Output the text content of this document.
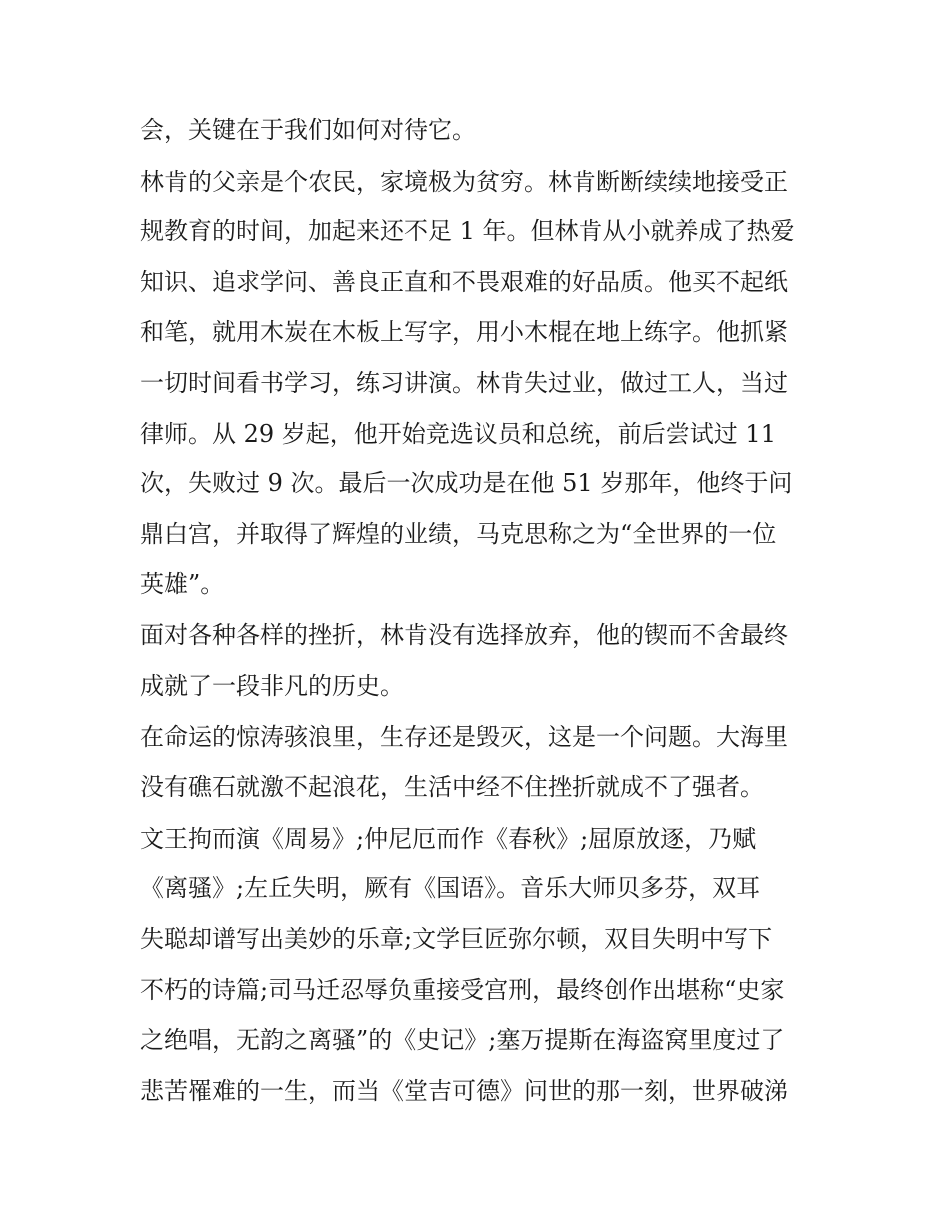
会，关键在于我们如何对待它。
林肯的父亲是个农民，家境极为贫穷。林肯断断续续地接受正
规教育的时间，加起来还不足 1 年。但林肯从小就养成了热爱
知识、追求学问、善良正直和不畏艰难的好品质。他买不起纸
和笔，就用木炭在木板上写字，用小木棍在地上练字。他抓紧
一切时间看书学习，练习讲演。林肯失过业，做过工人，当过
律师。从 29 岁起，他开始竞选议员和总统，前后尝试过 11
次，失败过 9 次。最后一次成功是在他 51 岁那年，他终于问
鼎白宫，并取得了辉煌的业绩，马克思称之为“全世界的一位
英雄”。
面对各种各样的挫折，林肯没有选择放弃，他的锲而不舍最终
成就了一段非凡的历史。
在命运的惊涛骇浪里，生存还是毁灭，这是一个问题。大海里
没有礁石就激不起浪花，生活中经不住挫折就成不了强者。
文王拘而演《周易》;仲尼厄而作《春秋》;屈原放逐，乃赋
《离骚》;左丘失明，厥有《国语》。音乐大师贝多芬，双耳
失聪却谱写出美妙的乐章;文学巨匠弥尔顿，双目失明中写下
不朽的诗篇;司马迁忍辱负重接受宫刑，最终创作出堪称“史家
之绝唱，无韵之离骚”的《史记》;塞万提斯在海盗窝里度过了
悲苦罹难的一生，而当《堂吉可德》问世的那一刻，世界破涕
